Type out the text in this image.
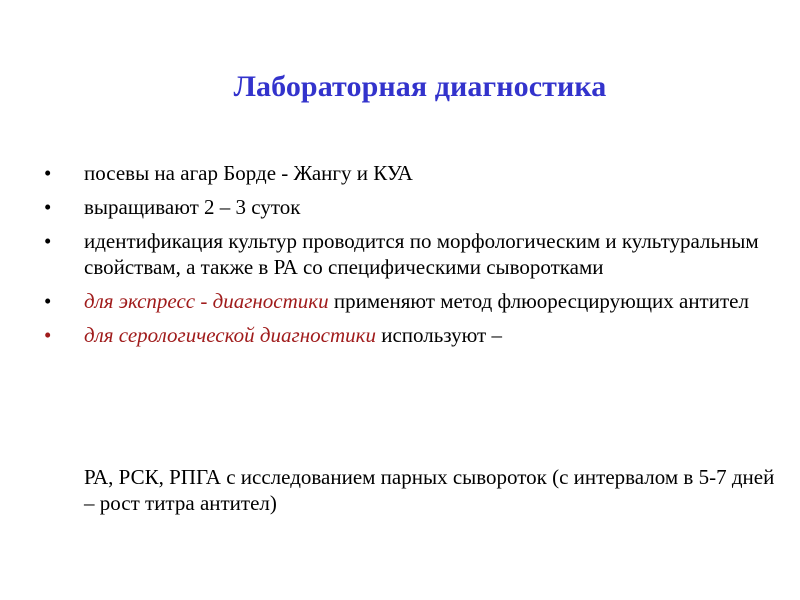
Лабораторная диагностика
•	посевы на агар Борде - Жангу и КУА
•	выращивают 2 – 3 суток
•	идентификация культур проводится по морфологическим и культуральным свойствам, а также в РА со специфическими сыворотками
•	для экспресс - диагностики применяют метод флюоресцирующих антител
•	для серологической диагностики используют –
РА, РСК, РПГА с исследованием парных сывороток (с интервалом в 5-7 дней – рост титра антител)
